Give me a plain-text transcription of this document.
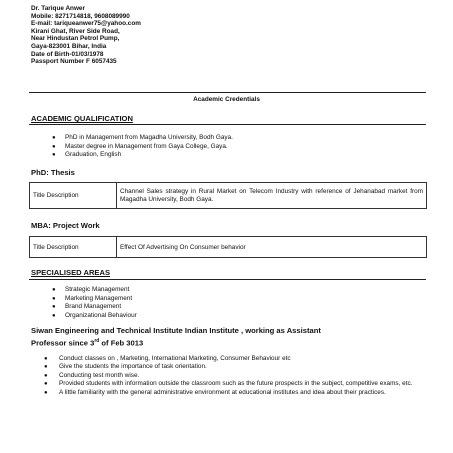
Dr. Tarique Anwer
Mobile: 8271714818, 9608089990
E-mail: tariqueanwer75@yahoo.com
Kirani Ghat, River Side Road,
Near Hindustan Petrol Pump,
Gaya-823001 Bihar, India
Date of Birth-01/03/1978
Passport Number F 6057435
Academic Credentials
ACADEMIC QUALIFICATION
● PhD in Management from Magadha University, Bodh Gaya.
● Master degree in Management from Gaya College, Gaya.
● Graduation, English
PhD: Thesis
Title Description	Channel Sales strategy in Rural Market on Telecom Industry with reference of Jehanabad market from Magadha University, Bodh Gaya.
MBA: Project Work
Title Description	Effect Of Advertising On Consumer behavior
SPECIALISED AREAS
● Strategic Management
● Marketing Management
● Brand Management
● Organizational Behaviour
Siwan Engineering and Technical Institute Indian Institute , working as Assistant
Professor since 3rd of Feb 3013
● Conduct classes on , Marketing, International Marketing, Consumer Behaviour etc
● Give the students the importance of task orientation.
● Conducting test month wise.
● Provided students with information outside the classroom such as the future prospects in the subject, competitive exams, etc.
● A little familiarity with the general administrative environment at educational institutes and idea about their practices.
